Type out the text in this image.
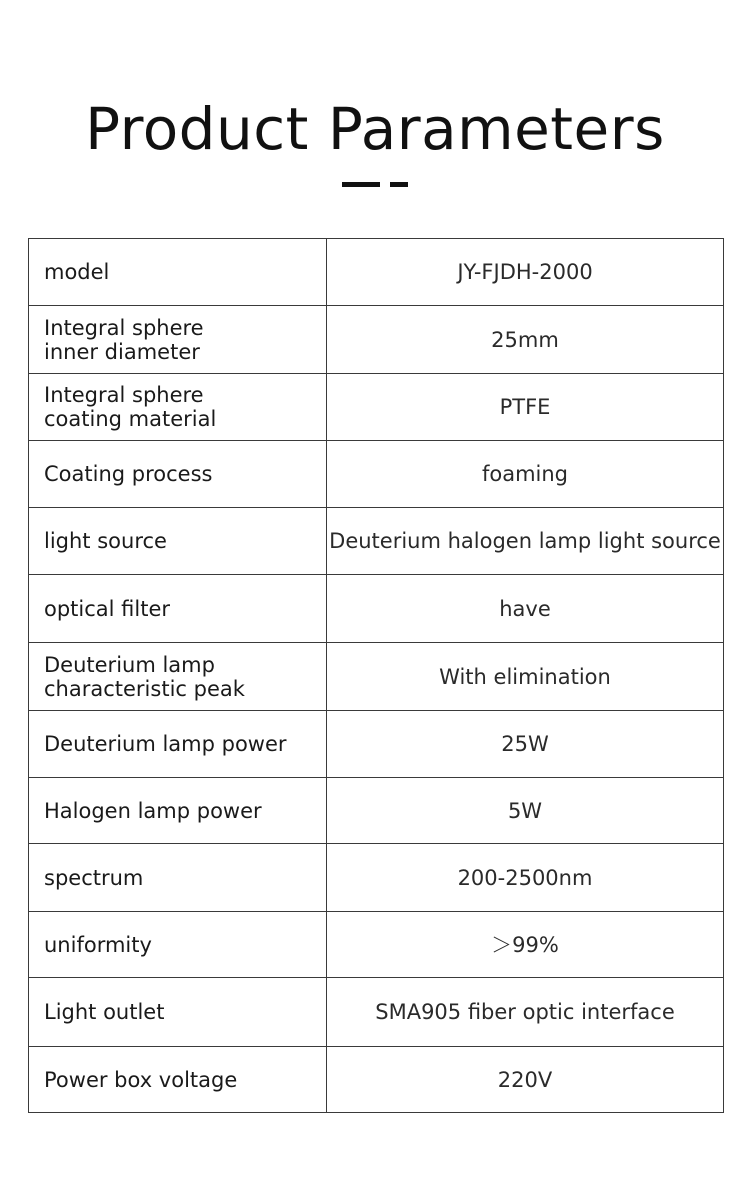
Product Parameters
model	JY-FJDH-2000

Integral sphere
inner diameter	25mm

Integral sphere
coating material	PTFE

Coating process	foaming

light source	Deuterium halogen lamp light source

optical filter	have

Deuterium lamp
characteristic peak	With elimination

Deuterium lamp power	25W

Halogen lamp power	5W

spectrum	200-2500nm

uniformity	＞99%

Light outlet	SMA905 fiber optic interface

Power box voltage	220V
